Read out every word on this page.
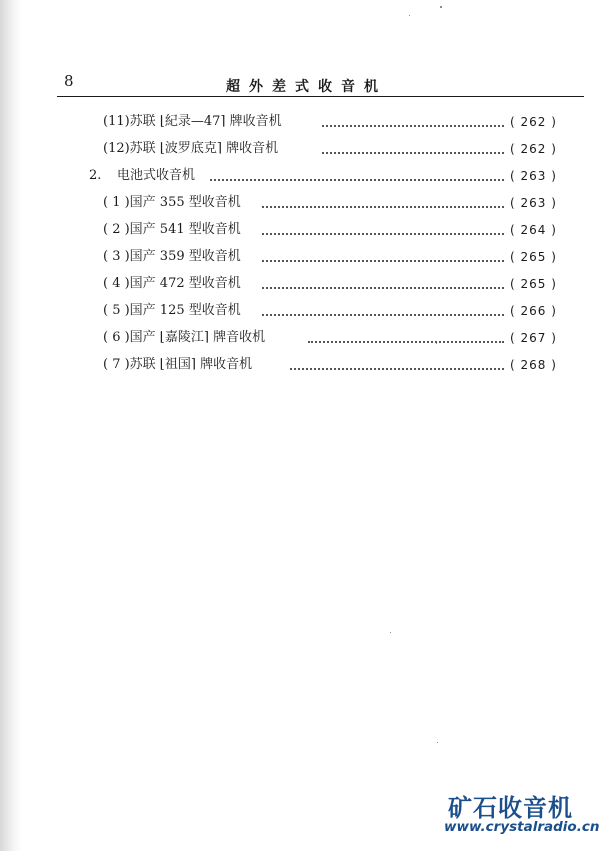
8	超外差式收音机
(11)苏联 ⌊紀录—47⌉ 牌收音机	( 262 )
(12)苏联 ⌊波罗底克⌉ 牌收音机	( 262 )
2. 电池式收音机	( 263 )
( 1 )国产 355 型收音机	( 263 )
( 2 )国产 541 型收音机	( 264 )
( 3 )国产 359 型收音机	( 265 )
( 4 )国产 472 型收音机	( 265 )
( 5 )国产 125 型收音机	( 266 )
( 6 )国产 ⌊嘉陵江⌉ 牌音收机	( 267 )
( 7 )苏联 ⌊祖国⌉ 牌收音机	( 268 )
矿石收音机
www.crystalradio.cn
